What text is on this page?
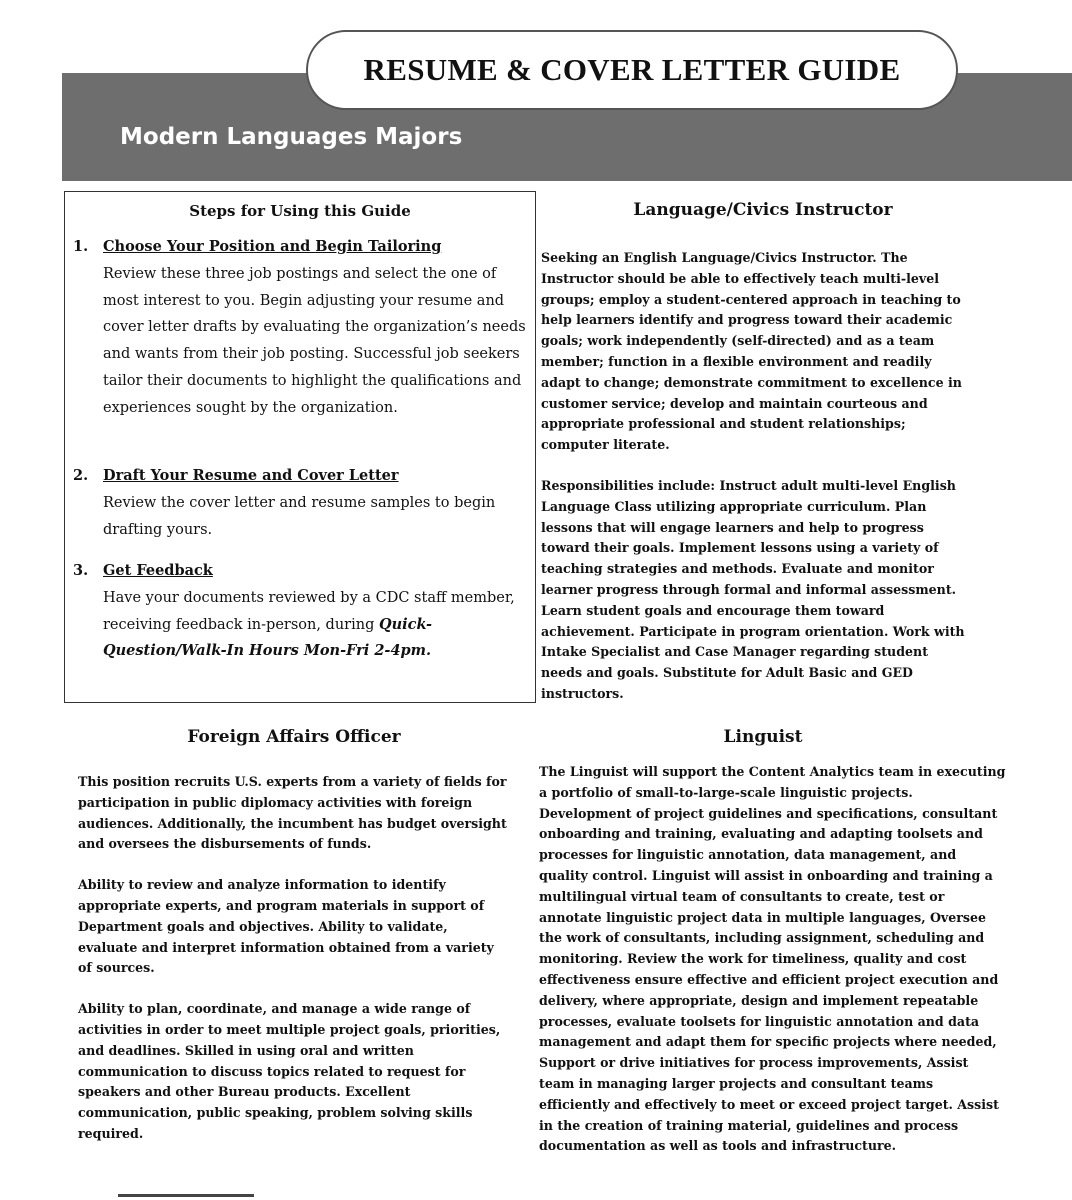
Modern Languages Majors
RESUME & COVER LETTER GUIDE
Steps for Using this Guide
1. Choose Your Position and Begin Tailoring
Review these three job postings and select the one of most interest to you. Begin adjusting your resume and cover letter drafts by evaluating the organization’s needs and wants from their job posting. Successful job seekers tailor their documents to highlight the qualifications and experiences sought by the organization.
2. Draft Your Resume and Cover Letter
Review the cover letter and resume samples to begin drafting yours.
3. Get Feedback
Have your documents reviewed by a CDC staff member, receiving feedback in-person, during Quick-Question/Walk-In Hours Mon-Fri 2-4pm.
Language/Civics Instructor

Seeking an English Language/Civics Instructor. The Instructor should be able to effectively teach multi-level groups; employ a student-centered approach in teaching to help learners identify and progress toward their academic goals; work independently (self-directed) and as a team member; function in a flexible environment and readily adapt to change; demonstrate commitment to excellence in customer service; develop and maintain courteous and appropriate professional and student relationships; computer literate.

Responsibilities include: Instruct adult multi-level English Language Class utilizing appropriate curriculum. Plan lessons that will engage learners and help to progress toward their goals. Implement lessons using a variety of teaching strategies and methods. Evaluate and monitor learner progress through formal and informal assessment. Learn student goals and encourage them toward achievement. Participate in program orientation. Work with Intake Specialist and Case Manager regarding student needs and goals. Substitute for Adult Basic and GED instructors.

Foreign Affairs Officer

This position recruits U.S. experts from a variety of fields for participation in public diplomacy activities with foreign audiences. Additionally, the incumbent has budget oversight and oversees the disbursements of funds.

Ability to review and analyze information to identify appropriate experts, and program materials in support of Department goals and objectives. Ability to validate, evaluate and interpret information obtained from a variety of sources.

Ability to plan, coordinate, and manage a wide range of activities in order to meet multiple project goals, priorities, and deadlines. Skilled in using oral and written communication to discuss topics related to request for speakers and other Bureau products. Excellent communication, public speaking, problem solving skills required.

Linguist

The Linguist will support the Content Analytics team in executing a portfolio of small-to-large-scale linguistic projects. Development of project guidelines and specifications, consultant onboarding and training, evaluating and adapting toolsets and processes for linguistic annotation, data management, and quality control. Linguist will assist in onboarding and training a multilingual virtual team of consultants to create, test or annotate linguistic project data in multiple languages, Oversee the work of consultants, including assignment, scheduling and monitoring. Review the work for timeliness, quality and cost effectiveness ensure effective and efficient project execution and delivery, where appropriate, design and implement repeatable processes, evaluate toolsets for linguistic annotation and data management and adapt them for specific projects where needed, Support or drive initiatives for process improvements, Assist team in managing larger projects and consultant teams efficiently and effectively to meet or exceed project target. Assist in the creation of training material, guidelines and process documentation as well as tools and infrastructure.
